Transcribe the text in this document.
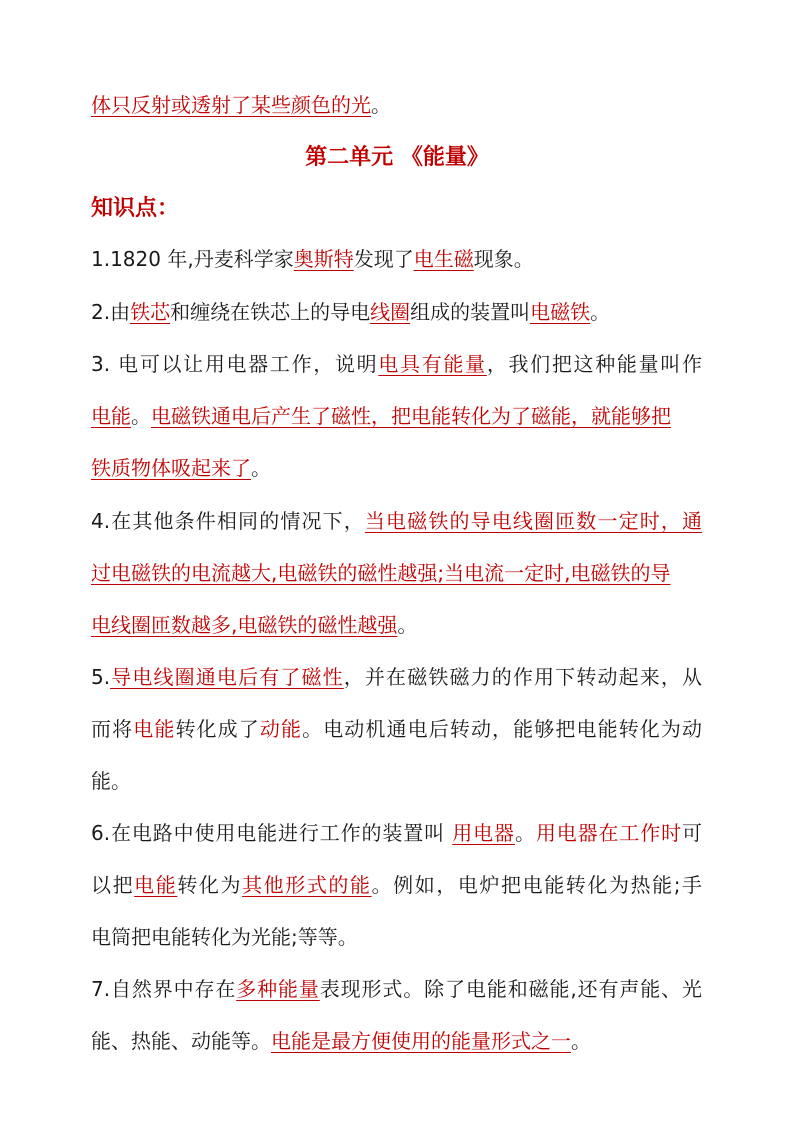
体只反射或透射了某些颜色的光。
第二单元 《能量》
知识点：
1.1820 年,丹麦科学家奥斯特发现了电生磁现象。
2.由铁芯和缠绕在铁芯上的导电线圈组成的装置叫电磁铁。
3. 电可以让用电器工作，说明电具有能量，我们把这种能量叫作
电能。电磁铁通电后产生了磁性，把电能转化为了磁能，就能够把
铁质物体吸起来了。
4.在其他条件相同的情况下，当电磁铁的导电线圈匝数一定时，通
过电磁铁的电流越大,电磁铁的磁性越强;当电流一定时,电磁铁的导
电线圈匝数越多,电磁铁的磁性越强。
5.导电线圈通电后有了磁性，并在磁铁磁力的作用下转动起来，从
而将电能转化成了动能。电动机通电后转动，能够把电能转化为动
能。
6.在电路中使用电能进行工作的装置叫 用电器。用电器在工作时可
以把电能转化为其他形式的能。例如，电炉把电能转化为热能;手
电筒把电能转化为光能;等等。
7.自然界中存在多种能量表现形式。除了电能和磁能,还有声能、光
能、热能、动能等。电能是最方便使用的能量形式之一。
